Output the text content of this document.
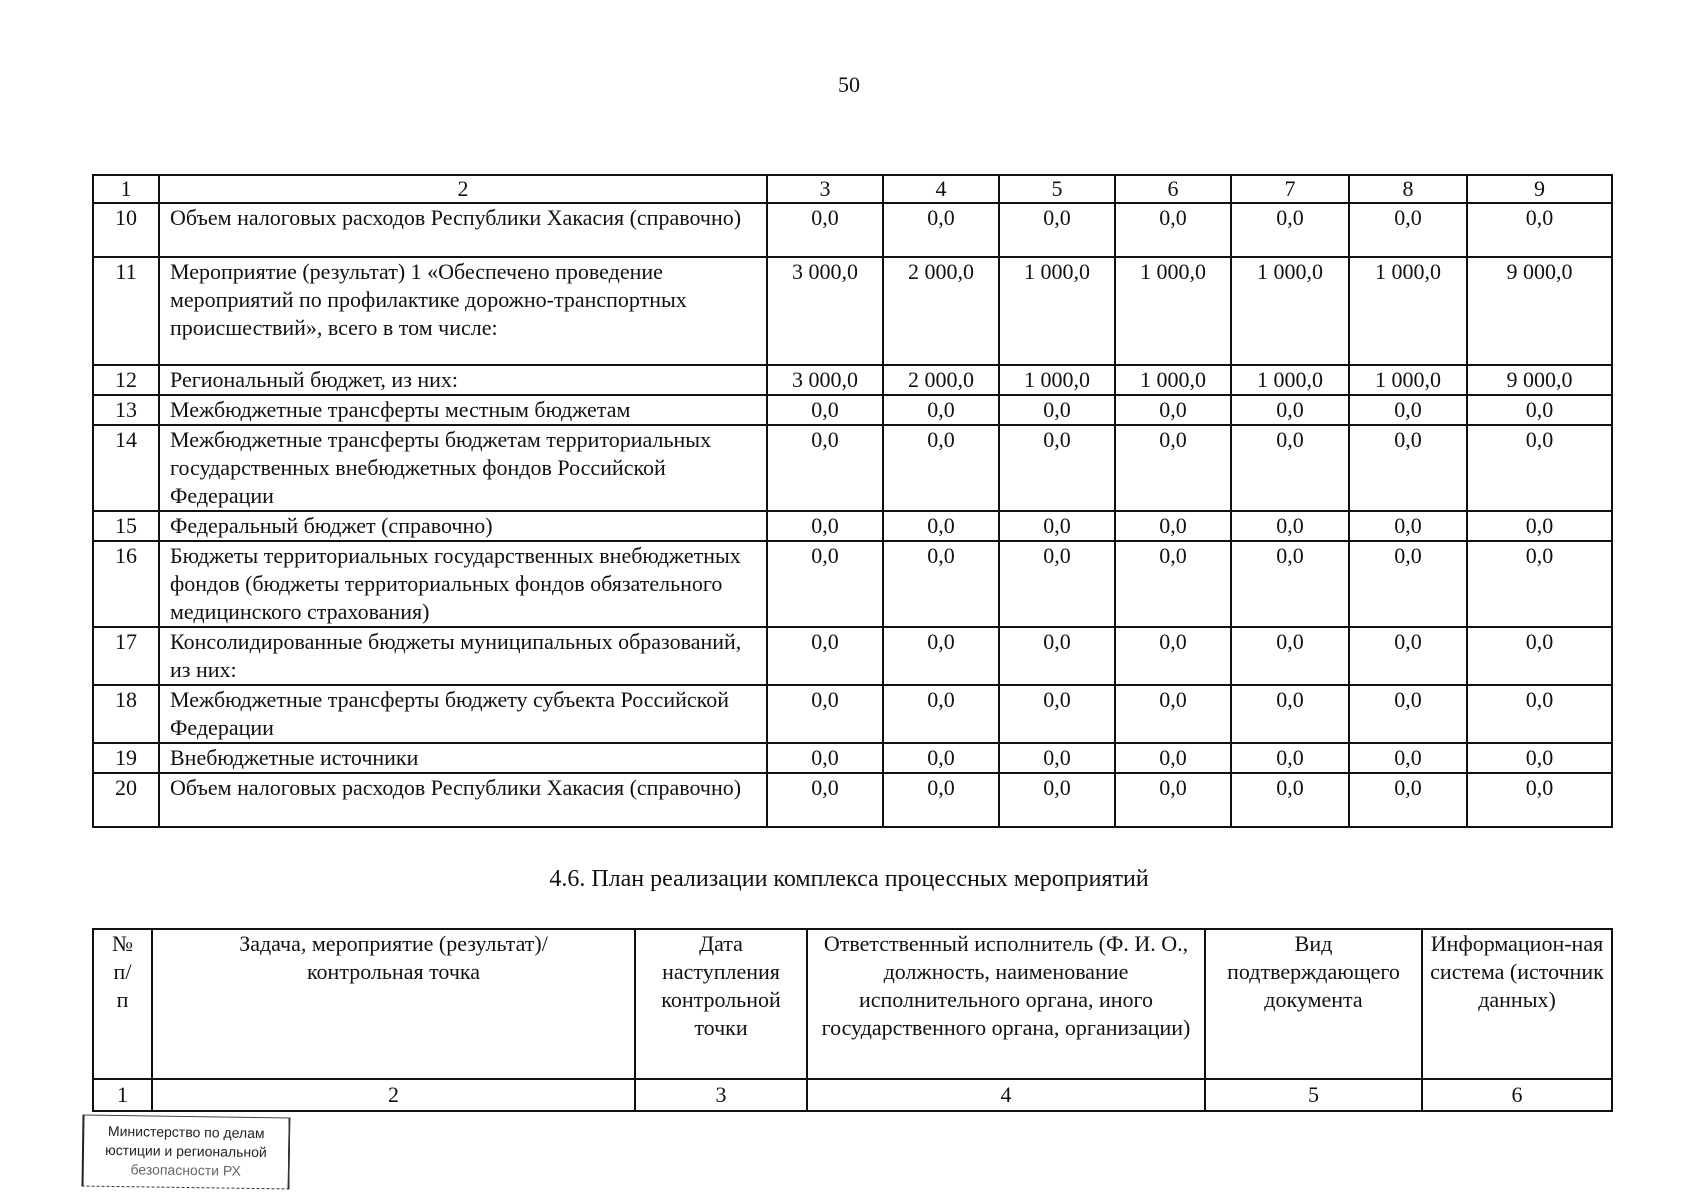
50
1	2	3	4	5	6	7	8	9
10	Объем налоговых расходов Республики Хакасия (справочно)	0,0	0,0	0,0	0,0	0,0	0,0	0,0
11	Мероприятие (результат) 1 «Обеспечено проведение мероприятий по профилактике дорожно-транспортных происшествий», всего в том числе:	3 000,0	2 000,0	1 000,0	1 000,0	1 000,0	1 000,0	9 000,0
12	Региональный бюджет, из них:	3 000,0	2 000,0	1 000,0	1 000,0	1 000,0	1 000,0	9 000,0
13	Межбюджетные трансферты местным бюджетам	0,0	0,0	0,0	0,0	0,0	0,0	0,0
14	Межбюджетные трансферты бюджетам территориальных государственных внебюджетных фондов Российской Федерации	0,0	0,0	0,0	0,0	0,0	0,0	0,0
15	Федеральный бюджет (справочно)	0,0	0,0	0,0	0,0	0,0	0,0	0,0
16	Бюджеты территориальных государственных внебюджетных фондов (бюджеты территориальных фондов обязательного медицинского страхования)	0,0	0,0	0,0	0,0	0,0	0,0	0,0
17	Консолидированные бюджеты муниципальных образований, из них:	0,0	0,0	0,0	0,0	0,0	0,0	0,0
18	Межбюджетные трансферты бюджету субъекта Российской Федерации	0,0	0,0	0,0	0,0	0,0	0,0	0,0
19	Внебюджетные источники	0,0	0,0	0,0	0,0	0,0	0,0	0,0
20	Объем налоговых расходов Республики Хакасия (справочно)	0,0	0,0	0,0	0,0	0,0	0,0	0,0
4.6. План реализации комплекса процессных мероприятий
№ п/п	Задача, мероприятие (результат)/ контрольная точка	Дата наступления контрольной точки	Ответственный исполнитель (Ф. И. О., должность, наименование исполнительного органа, иного государственного органа, организации)	Вид подтверждающего документа	Информацион-ная система (источник данных)
1	2	3	4	5	6
Министерство по делам
юстиции и региональной
безопасности РХ
